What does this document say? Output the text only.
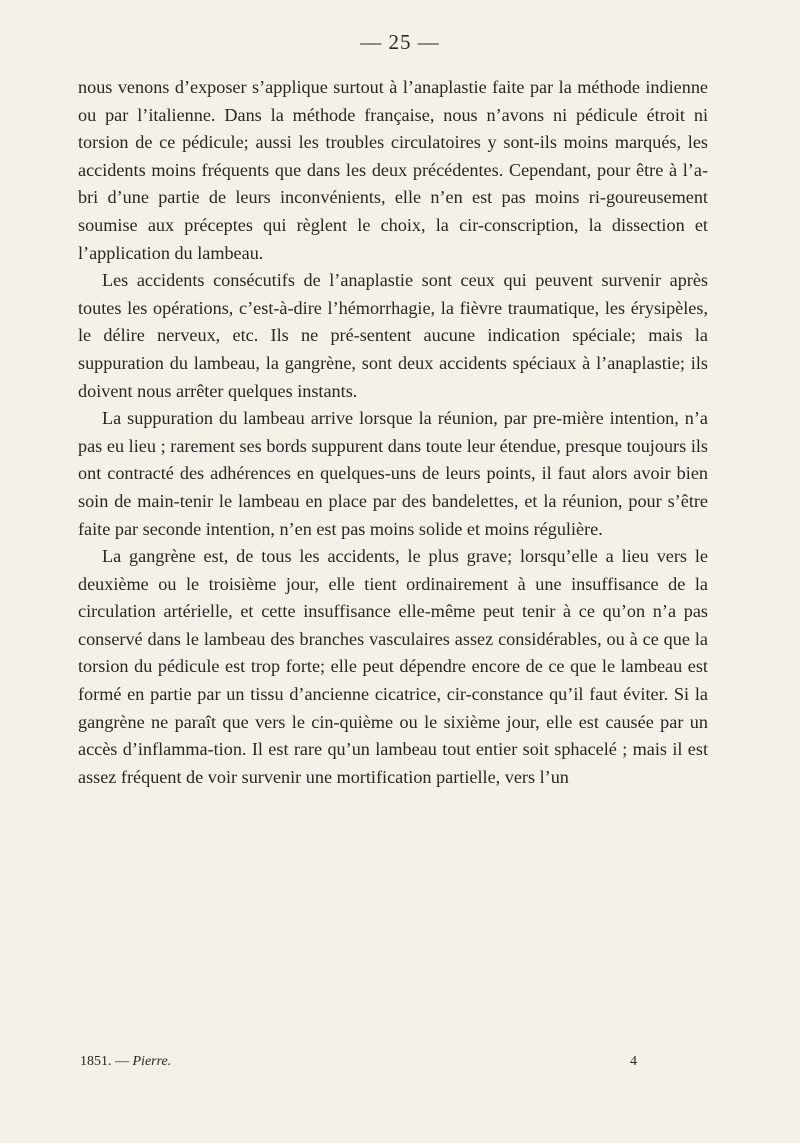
— 25 —

nous venons d’exposer s’applique surtout à l’anaplastie faite par la méthode indienne ou par l’italienne. Dans la méthode française, nous n’avons ni pédicule étroit ni torsion de ce pédicule; aussi les troubles circulatoires y sont-ils moins marqués, les accidents moins fréquents que dans les deux précédentes. Cependant, pour être à l’a-bri d’une partie de leurs inconvénients, elle n’en est pas moins ri-goureusement soumise aux préceptes qui règlent le choix, la cir-conscription, la dissection et l’application du lambeau.

Les accidents consécutifs de l’anaplastie sont ceux qui peuvent survenir après toutes les opérations, c’est-à-dire l’hémorrhagie, la fièvre traumatique, les érysipèles, le délire nerveux, etc. Ils ne pré-sentent aucune indication spéciale; mais la suppuration du lambeau, la gangrène, sont deux accidents spéciaux à l’anaplastie; ils doivent nous arrêter quelques instants.

La suppuration du lambeau arrive lorsque la réunion, par pre-mière intention, n’a pas eu lieu ; rarement ses bords suppurent dans toute leur étendue, presque toujours ils ont contracté des adhérences en quelques-uns de leurs points, il faut alors avoir bien soin de main-tenir le lambeau en place par des bandelettes, et la réunion, pour s’être faite par seconde intention, n’en est pas moins solide et moins régulière.

La gangrène est, de tous les accidents, le plus grave; lorsqu’elle a lieu vers le deuxième ou le troisième jour, elle tient ordinairement à une insuffisance de la circulation artérielle, et cette insuffisance elle-même peut tenir à ce qu’on n’a pas conservé dans le lambeau des branches vasculaires assez considérables, ou à ce que la torsion du pédicule est trop forte; elle peut dépendre encore de ce que le lambeau est formé en partie par un tissu d’ancienne cicatrice, cir-constance qu’il faut éviter. Si la gangrène ne paraît que vers le cin-quième ou le sixième jour, elle est causée par un accès d’inflamma-tion. Il est rare qu’un lambeau tout entier soit sphacelé ; mais il est assez fréquent de voir survenir une mortification partielle, vers l’un

1851. — Pierre.	4
